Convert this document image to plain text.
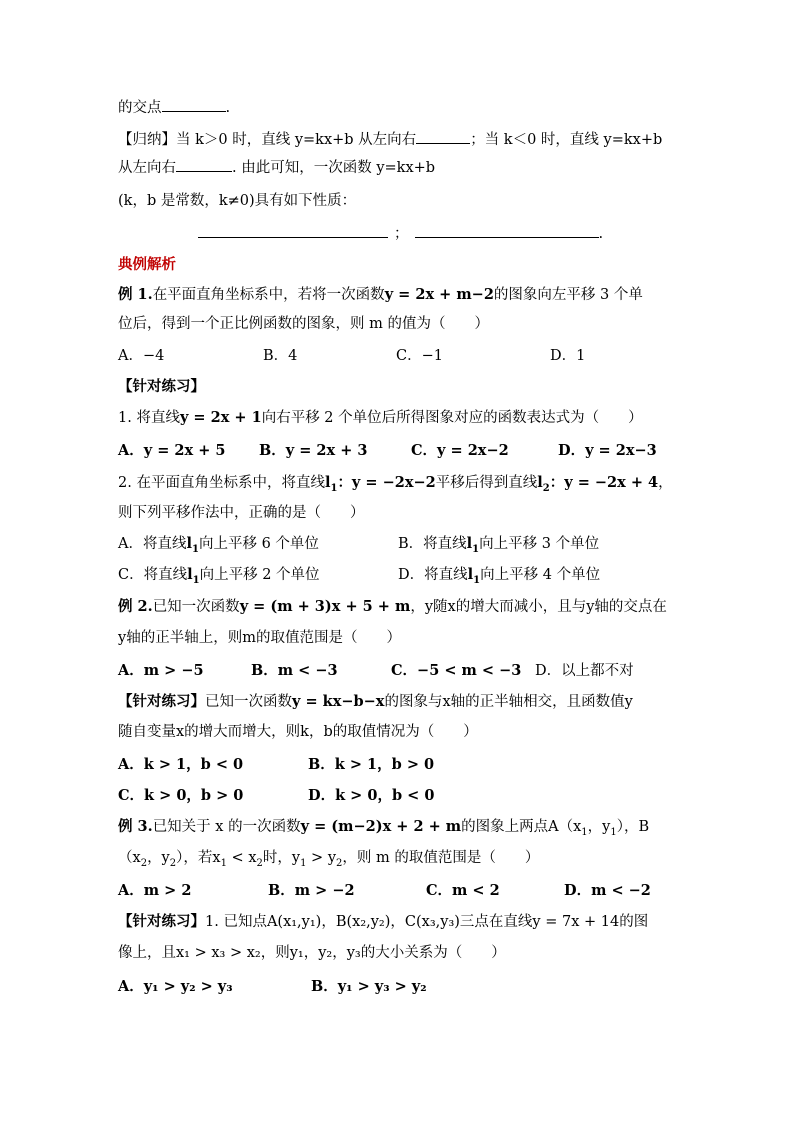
的交点	.
【归纳】当 k＞0 时，直线 y=kx+b 从左向右	；当 k＜0 时，直线 y=kx+b
从左向右	. 由此可知，一次函数 y=kx+b
(k，b 是常数，k≠0)具有如下性质：
；	.
典例解析
例 1.在平面直角坐标系中，若将一次函数y = 2x + m−2的图象向左平移 3 个单
位后，得到一个正比例函数的图象，则 m 的值为（　　）
A．−4	B．4	C．−1	D．1
【针对练习】
1. 将直线y = 2x + 1向右平移 2 个单位后所得图象对应的函数表达式为（　　）
A．y = 2x + 5 B．y = 2x + 3	C．y = 2x−2	D．y = 2x−3
2. 在平面直角坐标系中，将直线$l_1$：y = −2x−2平移后得到直线$l_2$：y = −2x + 4，
则下列平移作法中，正确的是（　　）
A．将直线$l_1$向上平移 6 个单位	B．将直线$l_1$向上平移 3 个单位
C．将直线$l_1$向上平移 2 个单位	D．将直线$l_1$向上平移 4 个单位
例 2.已知一次函数y = (m + 3)x + 5 + m，y随x的增大而减小，且与y轴的交点在
y轴的正半轴上，则m的取值范围是（　　）
A．m > −5	B．m < −3	C．−5 < m < −3 D．以上都不对
【针对练习】已知一次函数y = kx−b−x的图象与x轴的正半轴相交，且函数值y
随自变量x的增大而增大，则k，b的取值情况为（　　）
A．k > 1，b < 0	B．k > 1，b > 0
C．k > 0，b > 0	D．k > 0，b < 0
例 3.已知关于 x 的一次函数y = (m−2)x + 2 + m的图象上两点$A(x_1$，$y_1$），B
（$x_2$，$y_2$），若$x_1 < x_2$时，$y_1 > y_2$，则 m 的取值范围是（　　）
A．m > 2	B．m > −2	C．m < 2	D．m < −2
【针对练习】1. 已知点A(x₁,y₁)，B(x₂,y₂)，C(x₃,y₃)三点在直线y = 7x + 14的图
像上，且x₁ > x₃ > x₂，则y₁，y₂，y₃的大小关系为（　　）
A．y₁ > y₂ > y₃	B．y₁ > y₃ > y₂
